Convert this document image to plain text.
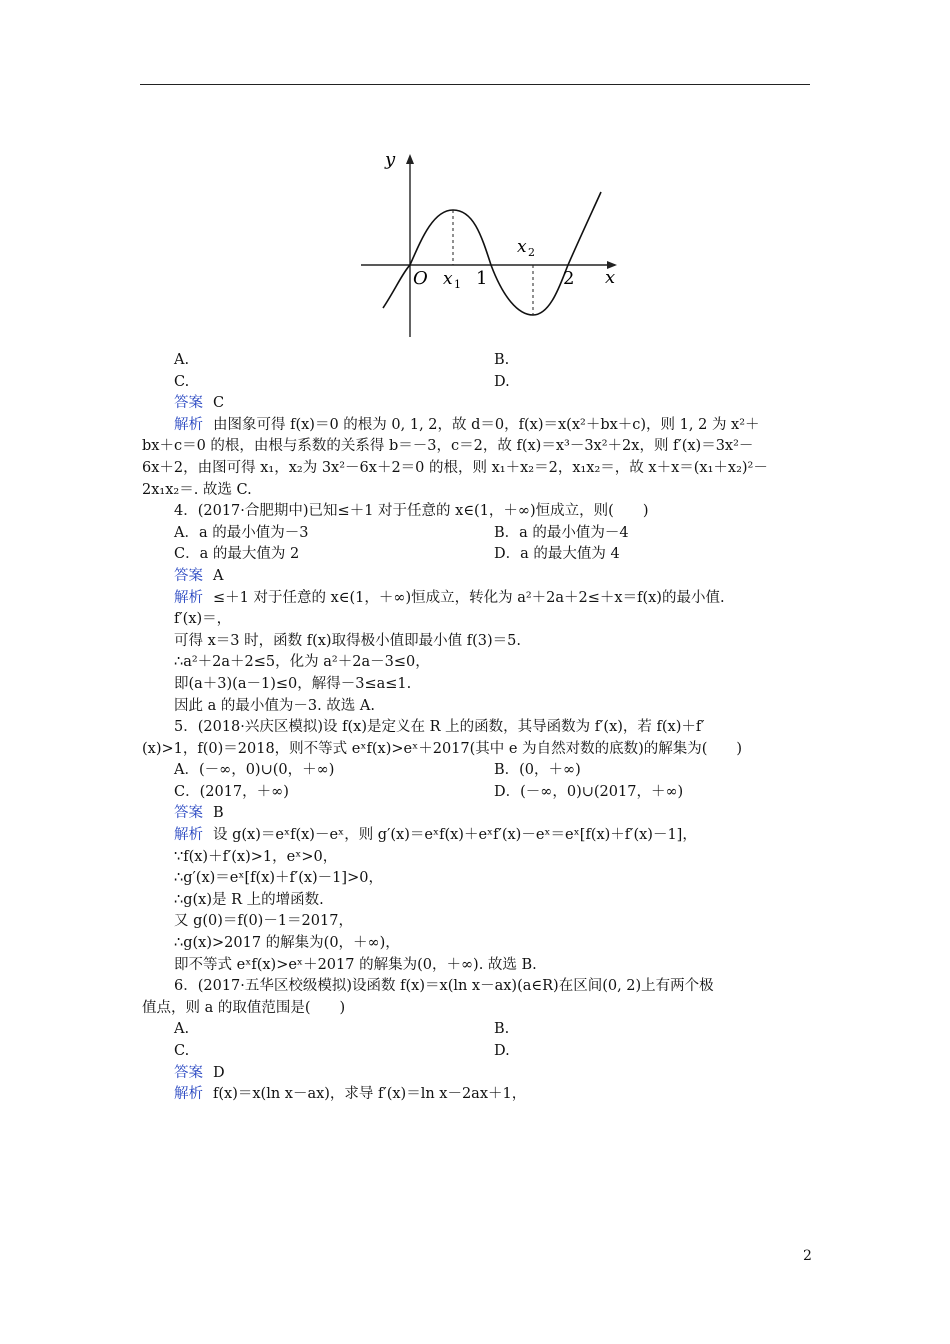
y
x
O x 1 1
x 2
2
A.	B.
C.	D.
答案 C
解析 由图象可得 f(x)＝0 的根为 0, 1, 2，故 d＝0，f(x)＝x(x²＋bx＋c)，则 1, 2 为 x²＋
bx＋c＝0 的根，由根与系数的关系得 b＝－3，c＝2，故 f(x)＝x³－3x²＋2x，则 f′(x)＝3x²－
6x＋2，由图可得 x₁，x₂为 3x²－6x＋2＝0 的根，则 x₁＋x₂＝2，x₁x₂＝，故 x＋x＝(x₁＋x₂)²－
2x₁x₂＝. 故选 C.
4．(2017·合肥期中)已知≤＋1 对于任意的 x∈(1，＋∞)恒成立，则(　　)
A．a 的最小值为－3	B．a 的最小值为－4
C．a 的最大值为 2	D．a 的最大值为 4
答案 A
解析 ≤＋1 对于任意的 x∈(1，＋∞)恒成立，转化为 a²＋2a＋2≤＋x＝f(x)的最小值.
f′(x)＝，
可得 x＝3 时，函数 f(x)取得极小值即最小值 f(3)＝5.
∴a²＋2a＋2≤5，化为 a²＋2a－3≤0，
即(a＋3)(a－1)≤0，解得－3≤a≤1.
因此 a 的最小值为－3. 故选 A.
5．(2018·兴庆区模拟)设 f(x)是定义在 R 上的函数，其导函数为 f′(x)，若 f(x)＋f′
(x)>1，f(0)＝2018，则不等式 eˣf(x)>eˣ＋2017(其中 e 为自然对数的底数)的解集为(　　)
A．(－∞，0)∪(0，＋∞)	B．(0，＋∞)
C．(2017，＋∞)	D．(－∞，0)∪(2017，＋∞)
答案 B
解析 设 g(x)＝eˣf(x)－eˣ，则 g′(x)＝eˣf(x)＋eˣf′(x)－eˣ＝eˣ[f(x)＋f′(x)－1]，
∵f(x)＋f′(x)>1，eˣ>0，
∴g′(x)＝eˣ[f(x)＋f′(x)－1]>0，
∴g(x)是 R 上的增函数.
又 g(0)＝f(0)－1＝2017，
∴g(x)>2017 的解集为(0，＋∞)，
即不等式 eˣf(x)>eˣ＋2017 的解集为(0，＋∞). 故选 B.
6．(2017·五华区校级模拟)设函数 f(x)＝x(ln x－ax)(a∈R)在区间(0, 2)上有两个极
值点，则 a 的取值范围是(　　)
A.	B.
C.	D.
答案 D
解析 f(x)＝x(ln x－ax)，求导 f′(x)＝ln x－2ax＋1，
2
